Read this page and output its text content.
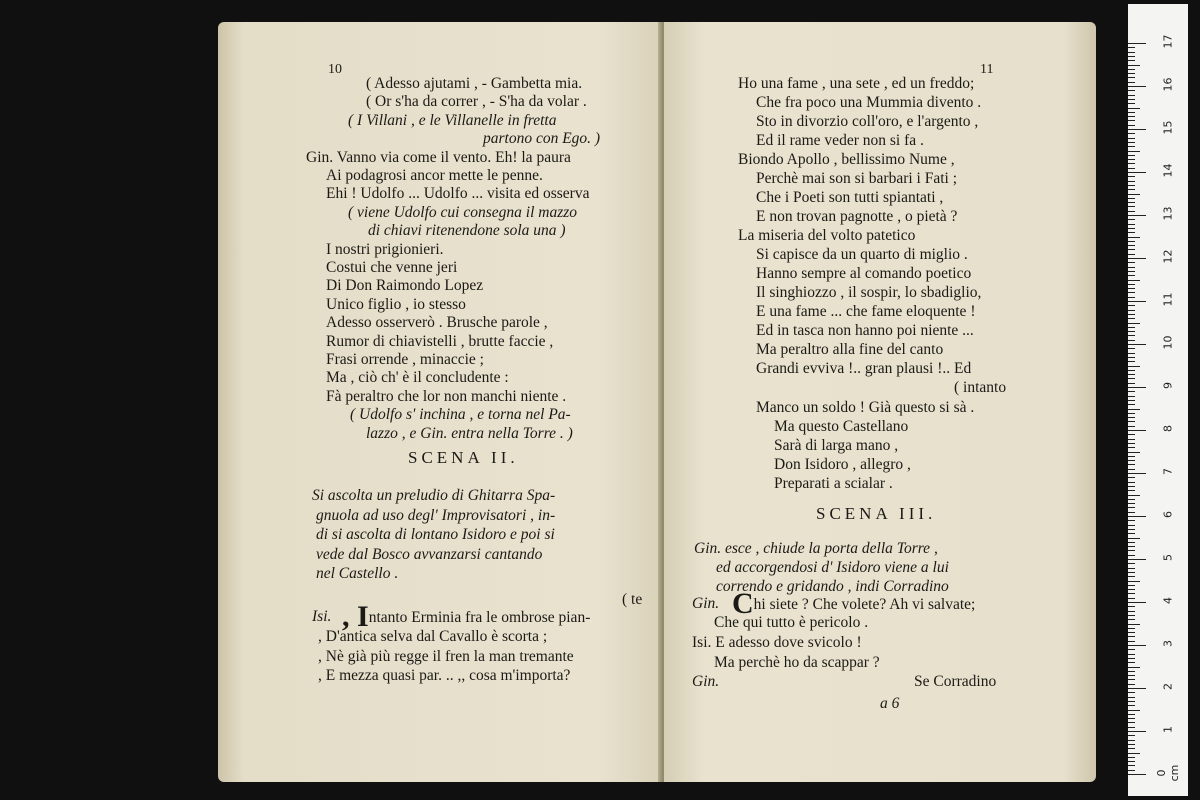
10
( Adesso ajutami , - Gambetta mia.
( Or s'ha da correr , - S'ha da volar .
( I Villani , e le Villanelle in fretta
partono con Ego. )
Gin. Vanno via come il vento. Eh! la paura
Ai podagrosi ancor mette le penne.
Ehi ! Udolfo ... Udolfo ... visita ed osserva
( viene Udolfo cui consegna il mazzo
di chiavi ritenendone sola una )
I nostri prigionieri.
Costui che venne jeri
Di Don Raimondo Lopez
Unico figlio , io stesso
Adesso osserverò . Brusche parole ,
Rumor di chiavistelli , brutte faccie ,
Frasi orrende , minaccie ;
Ma , ciò ch' è il concludente :
Fà peraltro che lor non manchi niente .
( Udolfo s' inchina , e torna nel Pa-
lazzo , e Gin. entra nella Torre . )
SCENA II.
Si ascolta un preludio di Ghitarra Spa-
gnuola ad uso degl' Improvisatori , in-
di si ascolta di lontano Isidoro e poi si
vede dal Bosco avvanzarsi cantando
nel Castello .
( te
Isi. , Intanto Erminia fra le ombrose pian-
, D'antica selva dal Cavallo è scorta ;
, Nè già più regge il fren la man tremante
, E mezza quasi par. .. ,, cosa m'importa?
11
Ho una fame , una sete , ed un freddo;
Che fra poco una Mummia divento .
Sto in divorzio coll'oro, e l'argento ,
Ed il rame veder non si fa .
Biondo Apollo , bellissimo Nume ,
Perchè mai son si barbari i Fati ;
Che i Poeti son tutti spiantati ,
E non trovan pagnotte , o pietà ?
La miseria del volto patetico
Si capisce da un quarto di miglio .
Hanno sempre al comando poetico
Il singhiozzo , il sospir, lo sbadiglio,
E una fame ... che fame eloquente !
Ed in tasca non hanno poi niente ...
Ma peraltro alla fine del canto
Grandi evviva !.. gran plausi !.. Ed
( intanto
Manco un soldo ! Già questo si sà .
Ma questo Castellano
Sarà di larga mano ,
Don Isidoro , allegro ,
Preparati a scialar .
SCENA III.
Gin. esce , chiude la porta della Torre ,
ed accorgendosi d' Isidoro viene a lui
correndo e gridando , indi Corradino
Gin. Chi siete ? Che volete? Ah vi salvate;
Che qui tutto è pericolo .
Isi. E adesso dove svicolo !
Ma perchè ho da scappar ?
Gin.	Se Corradino
a 6
0 cm
1
2
3
4
5
6
7
8
9
10
11
12
13
14
15
16
17
